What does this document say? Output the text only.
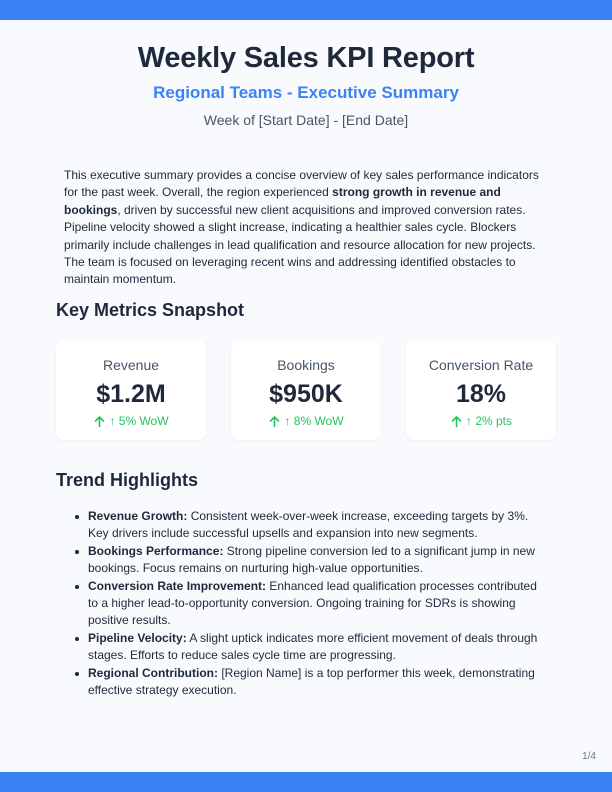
Weekly Sales KPI Report
Regional Teams - Executive Summary
Week of [Start Date] - [End Date]

This executive summary provides a concise overview of key sales performance indicators for the past week. Overall, the region experienced strong growth in revenue and bookings, driven by successful new client acquisitions and improved conversion rates. Pipeline velocity showed a slight increase, indicating a healthier sales cycle. Blockers primarily include challenges in lead qualification and resource allocation for new projects. The team is focused on leveraging recent wins and addressing identified obstacles to maintain momentum.

Key Metrics Snapshot
Revenue
$1.2M
↑ 5% WoW
Bookings
$950K
↑ 8% WoW
Conversion Rate
18%
↑ 2% pts
Trend Highlights
Revenue Growth: Consistent week-over-week increase, exceeding targets by 3%. Key drivers include successful upsells and expansion into new segments.
Bookings Performance: Strong pipeline conversion led to a significant jump in new bookings. Focus remains on nurturing high-value opportunities.
Conversion Rate Improvement: Enhanced lead qualification processes contributed to a higher lead-to-opportunity conversion. Ongoing training for SDRs is showing positive results.
Pipeline Velocity: A slight uptick indicates more efficient movement of deals through stages. Efforts to reduce sales cycle time are progressing.
Regional Contribution: [Region Name] is a top performer this week, demonstrating effective strategy execution.
1/4
